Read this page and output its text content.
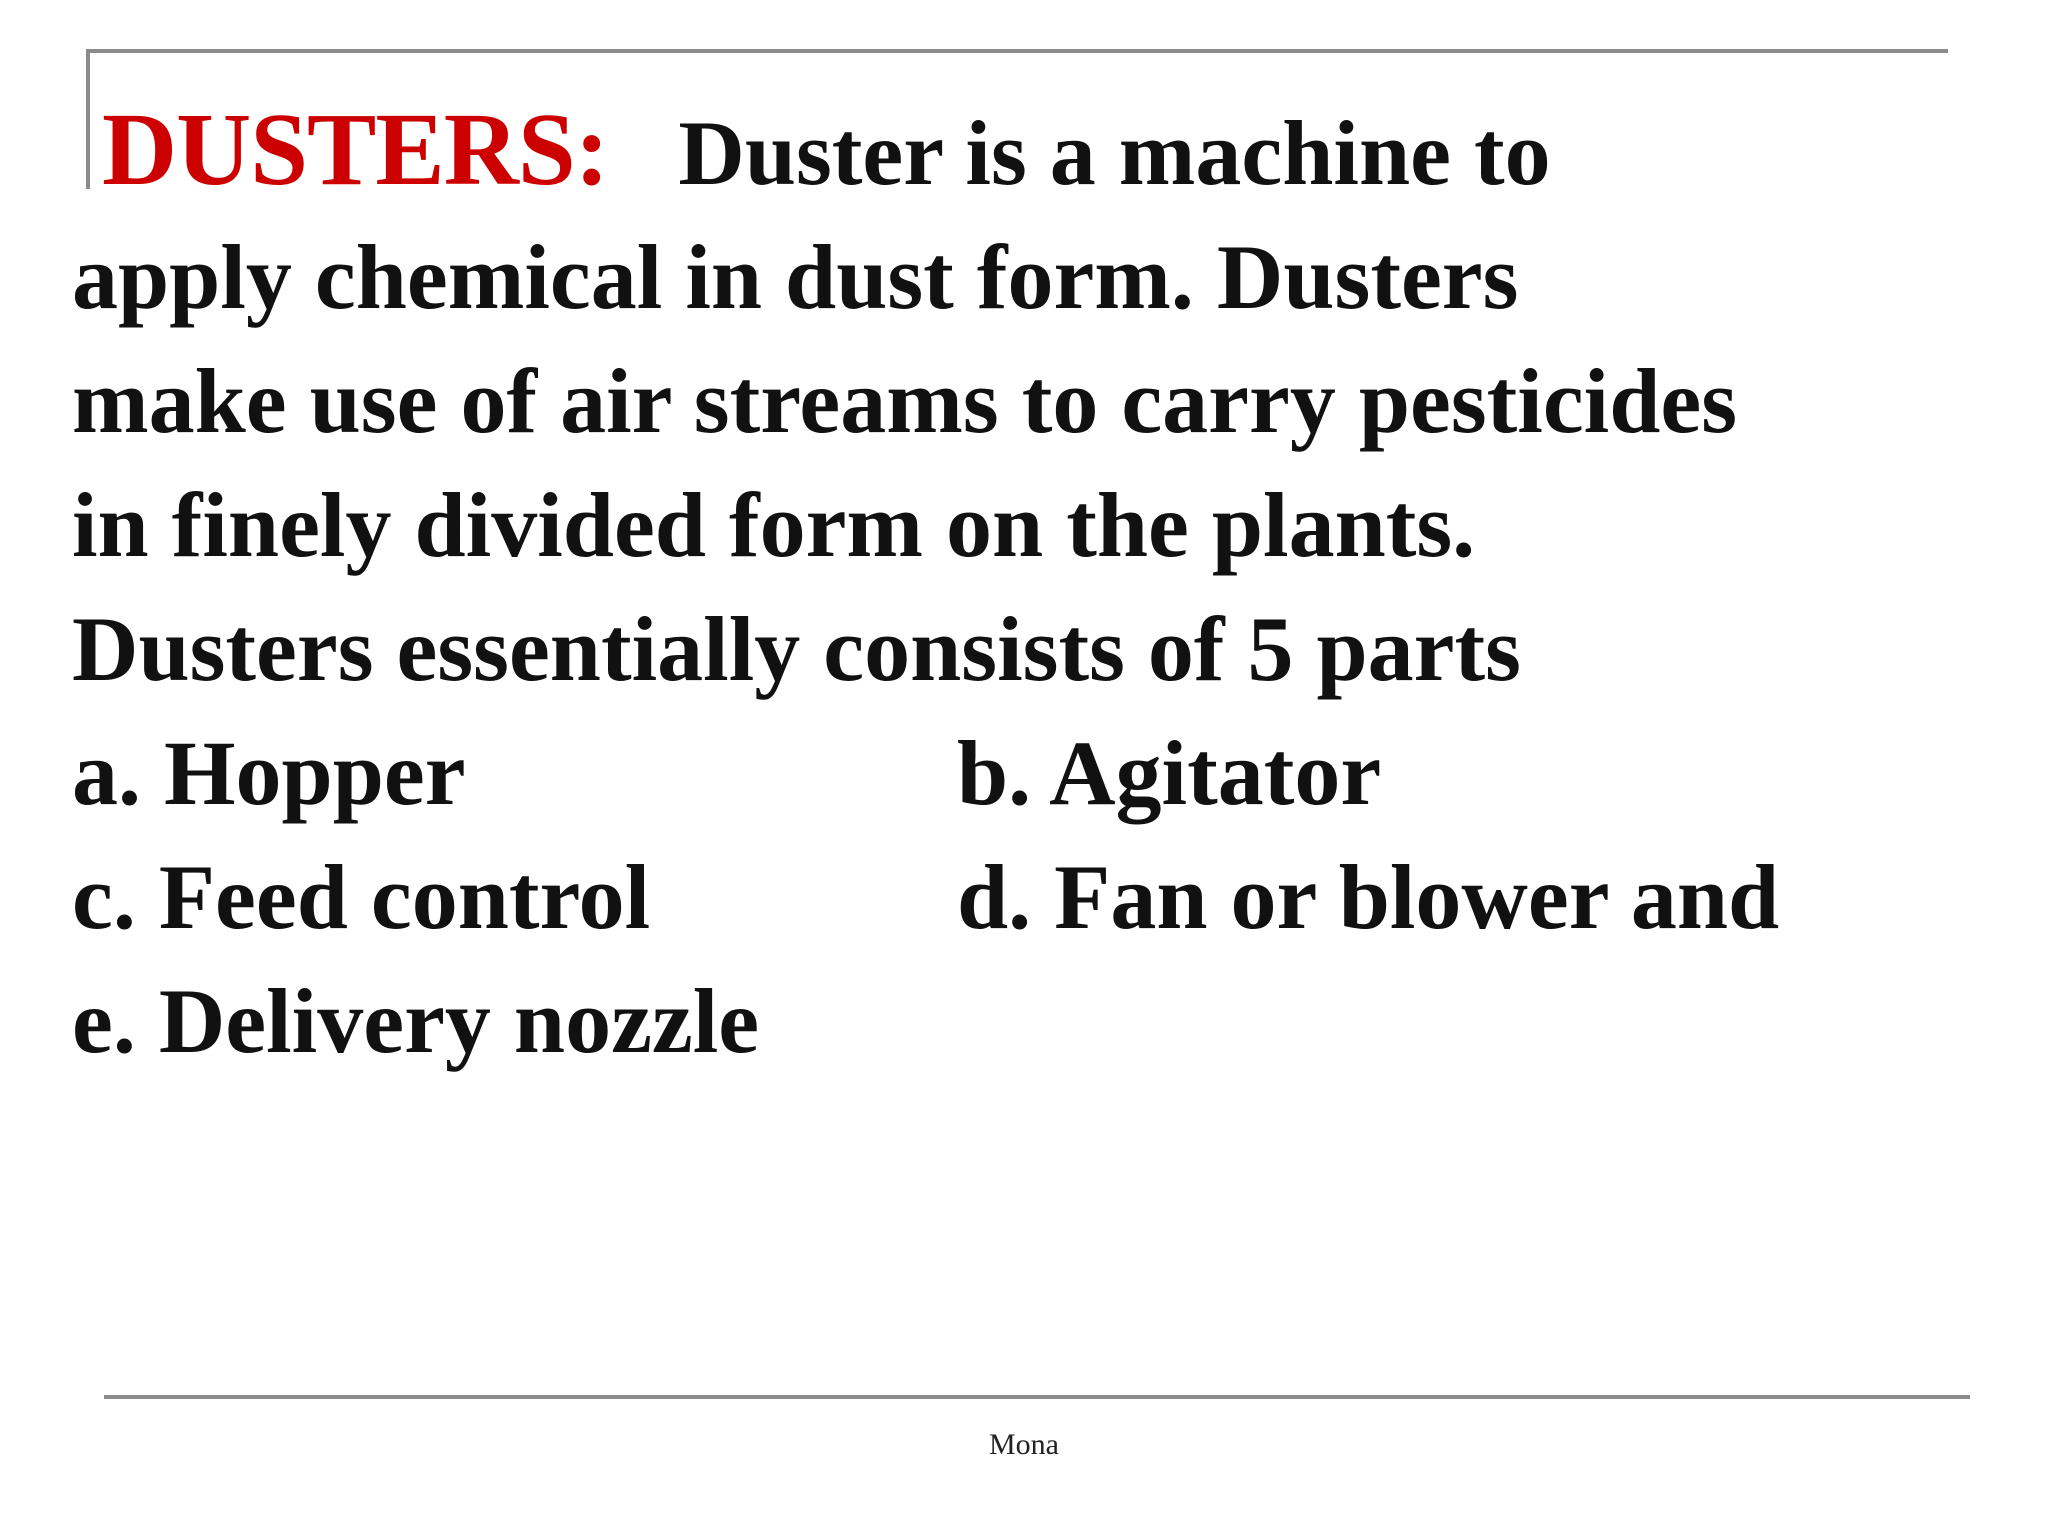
DUSTERS: Duster is a machine to
apply chemical in dust form. Dusters
make use of air streams to carry pesticides
in finely divided form on the plants.
Dusters essentially consists of 5 parts
a. Hopper	b. Agitator
c. Feed control	d. Fan or blower and
e. Delivery nozzle
Mona
